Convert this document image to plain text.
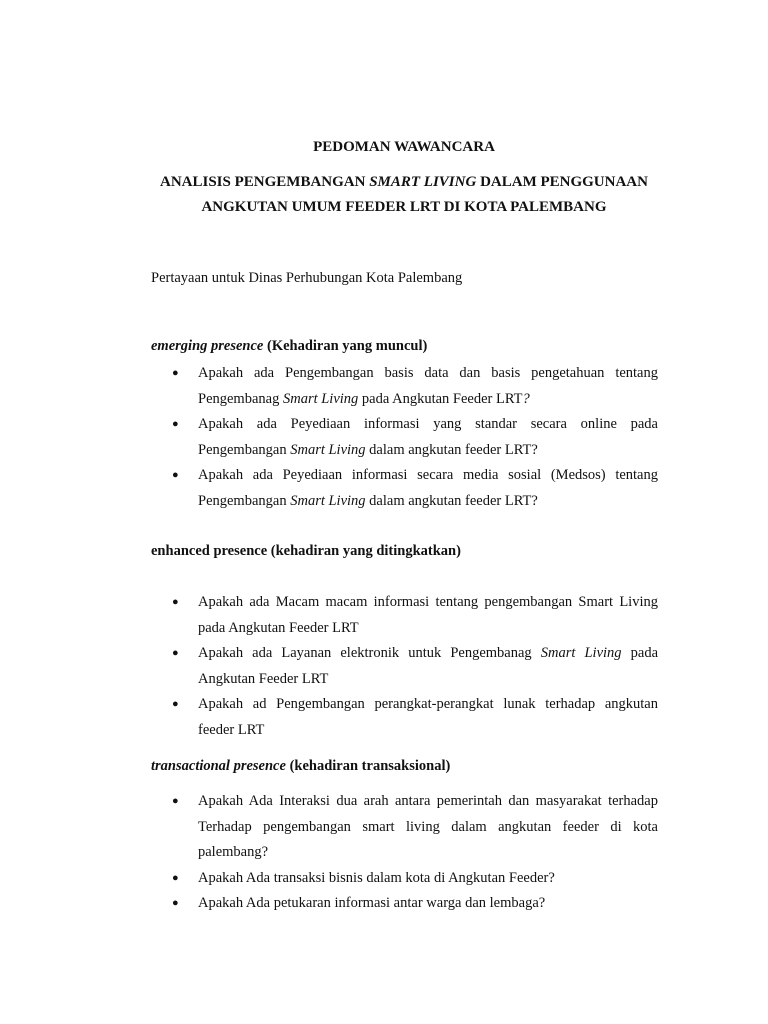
PEDOMAN WAWANCARA

ANALISIS PENGEMBANGAN SMART LIVING DALAM PENGGUNAAN

ANGKUTAN UMUM FEEDER LRT DI KOTA PALEMBANG

Pertayaan untuk Dinas Perhubungan Kota Palembang

emerging presence (Kehadiran yang muncul)

● Apakah ada Pengembangan basis data dan basis pengetahuan tentang Pengembanag Smart Living pada Angkutan Feeder LRT?
● Apakah ada Peyediaan informasi yang standar secara online pada Pengembangan Smart Living dalam angkutan feeder LRT?
● Apakah ada Peyediaan informasi secara media sosial (Medsos) tentang Pengembangan Smart Living dalam angkutan feeder LRT?

enhanced presence (kehadiran yang ditingkatkan)

● Apakah ada Macam macam informasi tentang pengembangan Smart Living pada Angkutan Feeder LRT
● Apakah ada Layanan elektronik untuk Pengembanag Smart Living pada Angkutan Feeder LRT
● Apakah ad Pengembangan perangkat-perangkat lunak terhadap angkutan feeder LRT

transactional presence (kehadiran transaksional)

● Apakah Ada Interaksi dua arah antara pemerintah dan masyarakat terhadap Terhadap pengembangan smart living dalam angkutan feeder di kota palembang?
● Apakah Ada transaksi bisnis dalam kota di Angkutan Feeder?
● Apakah Ada petukaran informasi antar warga dan lembaga?
